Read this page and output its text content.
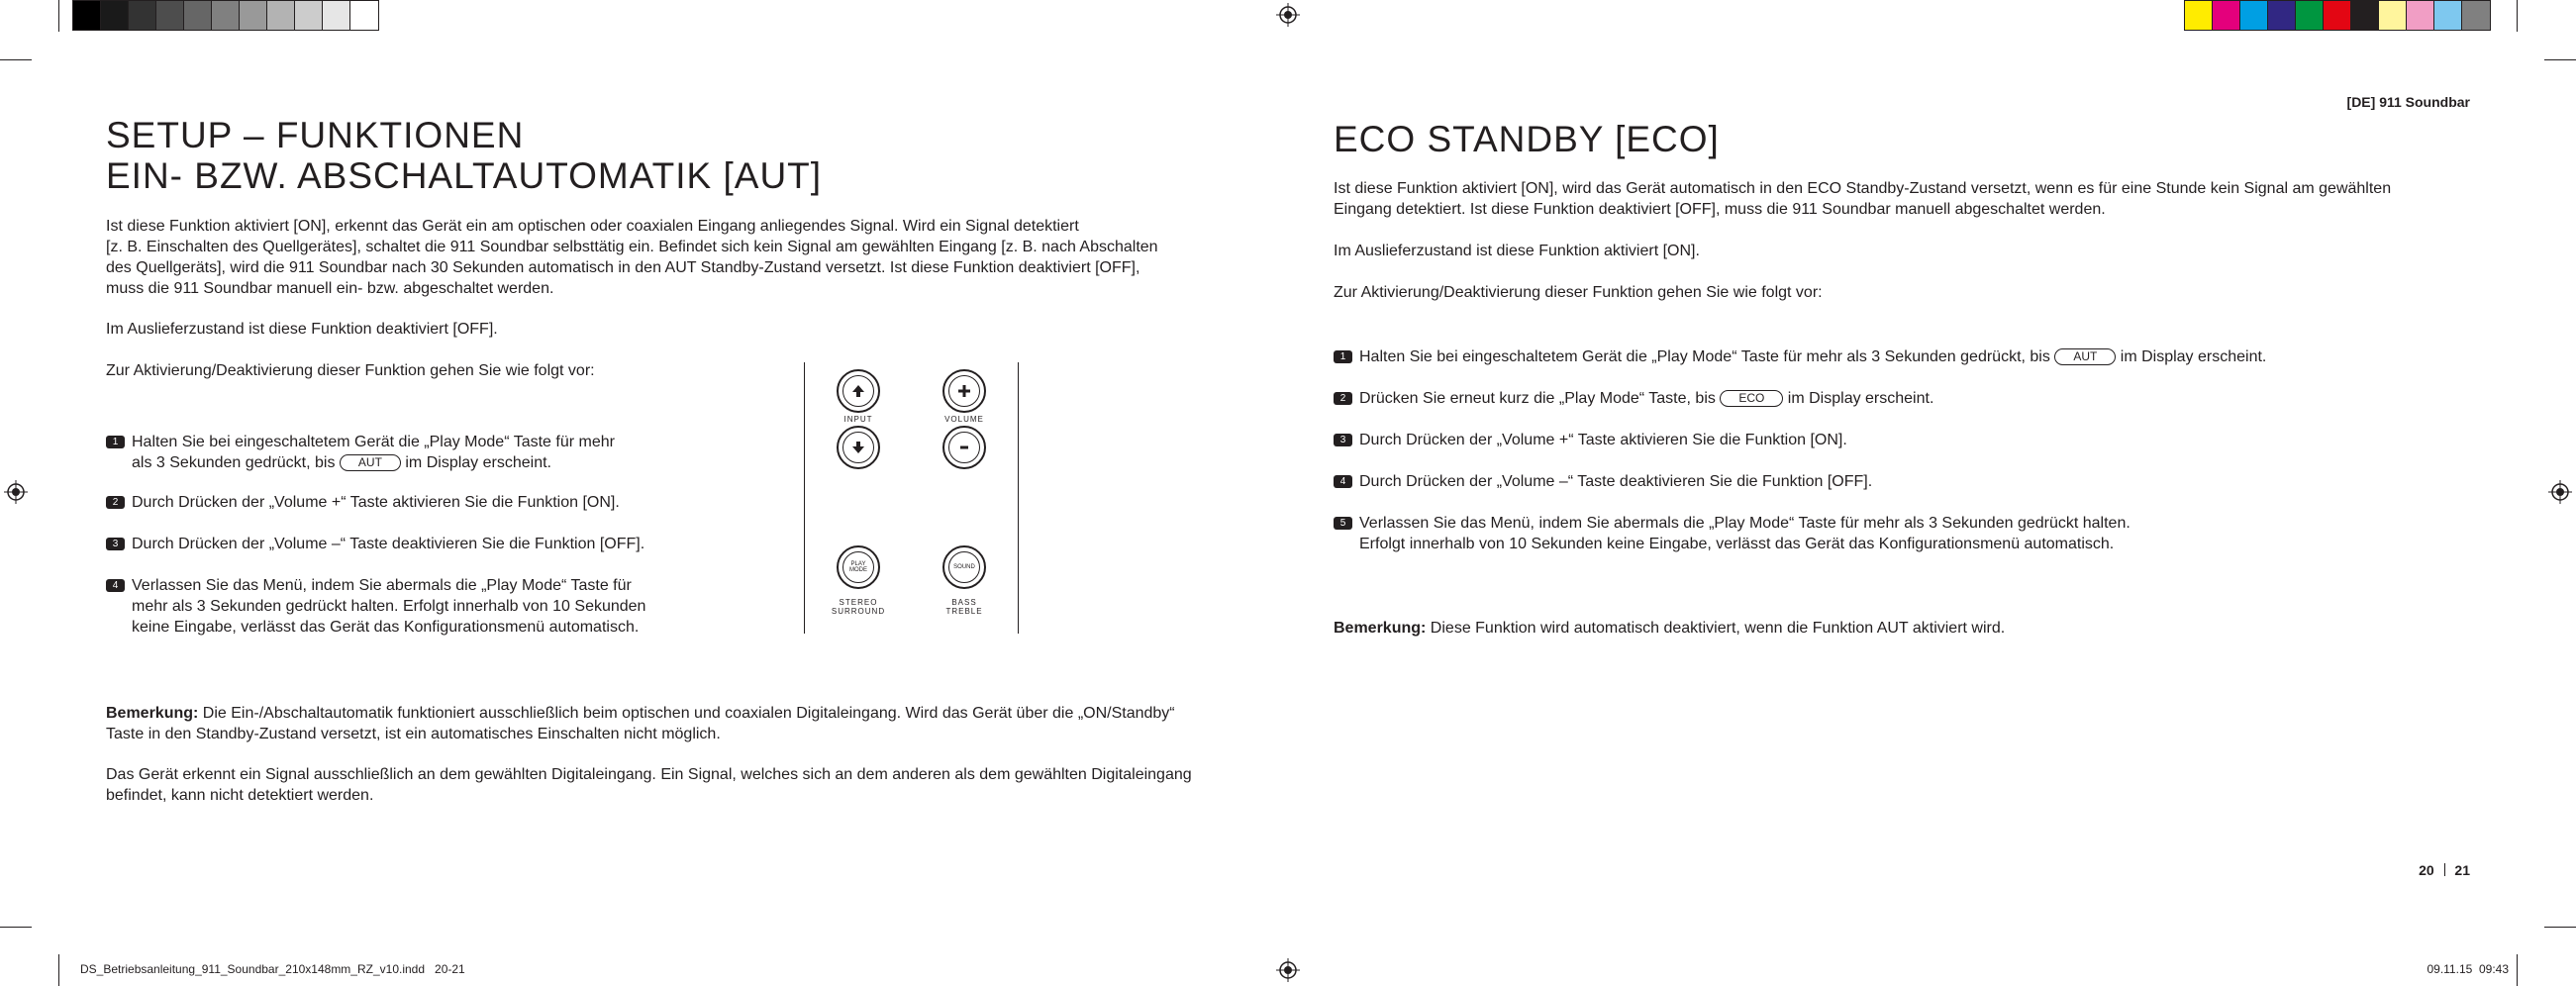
SETUP – FUNKTIONEN
EIN- BZW. ABSCHALTAUTOMATIK [AUT]

Ist diese Funktion aktiviert [ON], erkennt das Gerät ein am optischen oder coaxialen Eingang anliegendes Signal. Wird ein Signal detektiert

[z. B. Einschalten des Quellgerätes], schaltet die 911 Soundbar selbsttätig ein. Befindet sich kein Signal am gewählten Eingang [z. B. nach Abschalten

des Quellgeräts], wird die 911 Soundbar nach 30 Sekunden automatisch in den AUT Standby-Zustand versetzt. Ist diese Funktion deaktiviert [OFF],

muss die 911 Soundbar manuell ein- bzw. abgeschaltet werden.

Im Auslieferzustand ist diese Funktion deaktiviert [OFF].

Zur Aktivierung/Deaktivierung dieser Funktion gehen Sie wie folgt vor:

1 Halten Sie bei eingeschaltetem Gerät die „Play Mode“ Taste für mehr

als 3 Sekunden gedrückt, bis AUT im Display erscheint.

2 Durch Drücken der „Volume +“ Taste aktivieren Sie die Funktion [ON].

3 Durch Drücken der „Volume –“ Taste deaktivieren Sie die Funktion [OFF].

4 Verlassen Sie das Menü, indem Sie abermals die „Play Mode“ Taste für

mehr als 3 Sekunden gedrückt halten. Erfolgt innerhalb von 10 Sekunden

keine Eingabe, verlässt das Gerät das Konfigurationsmenü automatisch.

INPUT	VOLUME
PLAY MODE
STEREO
SURROUND
SOUND
BASS
TREBLE

Bemerkung: Die Ein-/Abschaltautomatik funktioniert ausschließlich beim optischen und coaxialen Digitaleingang. Wird das Gerät über die „ON/Standby“

Taste in den Standby-Zustand versetzt, ist ein automatisches Einschalten nicht möglich.

Das Gerät erkennt ein Signal ausschließlich an dem gewählten Digitaleingang. Ein Signal, welches sich an dem anderen als dem gewählten Digitaleingang

befindet, kann nicht detektiert werden.

[DE] 911 Soundbar
ECO STANDBY [ECO]

Ist diese Funktion aktiviert [ON], wird das Gerät automatisch in den ECO Standby-Zustand versetzt, wenn es für eine Stunde kein Signal am gewählten

Eingang detektiert. Ist diese Funktion deaktiviert [OFF], muss die 911 Soundbar manuell abgeschaltet werden.

Im Auslieferzustand ist diese Funktion aktiviert [ON].

Zur Aktivierung/Deaktivierung dieser Funktion gehen Sie wie folgt vor:

1 Halten Sie bei eingeschaltetem Gerät die „Play Mode“ Taste für mehr als 3 Sekunden gedrückt, bis AUT im Display erscheint.

2 Drücken Sie erneut kurz die „Play Mode“ Taste, bis ECO im Display erscheint.

3 Durch Drücken der „Volume +“ Taste aktivieren Sie die Funktion [ON].

4 Durch Drücken der „Volume –“ Taste deaktivieren Sie die Funktion [OFF].

5 Verlassen Sie das Menü, indem Sie abermals die „Play Mode“ Taste für mehr als 3 Sekunden gedrückt halten.

Erfolgt innerhalb von 10 Sekunden keine Eingabe, verlässt das Gerät das Konfigurationsmenü automatisch.

Bemerkung: Diese Funktion wird automatisch deaktiviert, wenn die Funktion AUT aktiviert wird.

20 21
DS_Betriebsanleitung_911_Soundbar_210x148mm_RZ_v10.indd   20-21	09.11.15 09:43
